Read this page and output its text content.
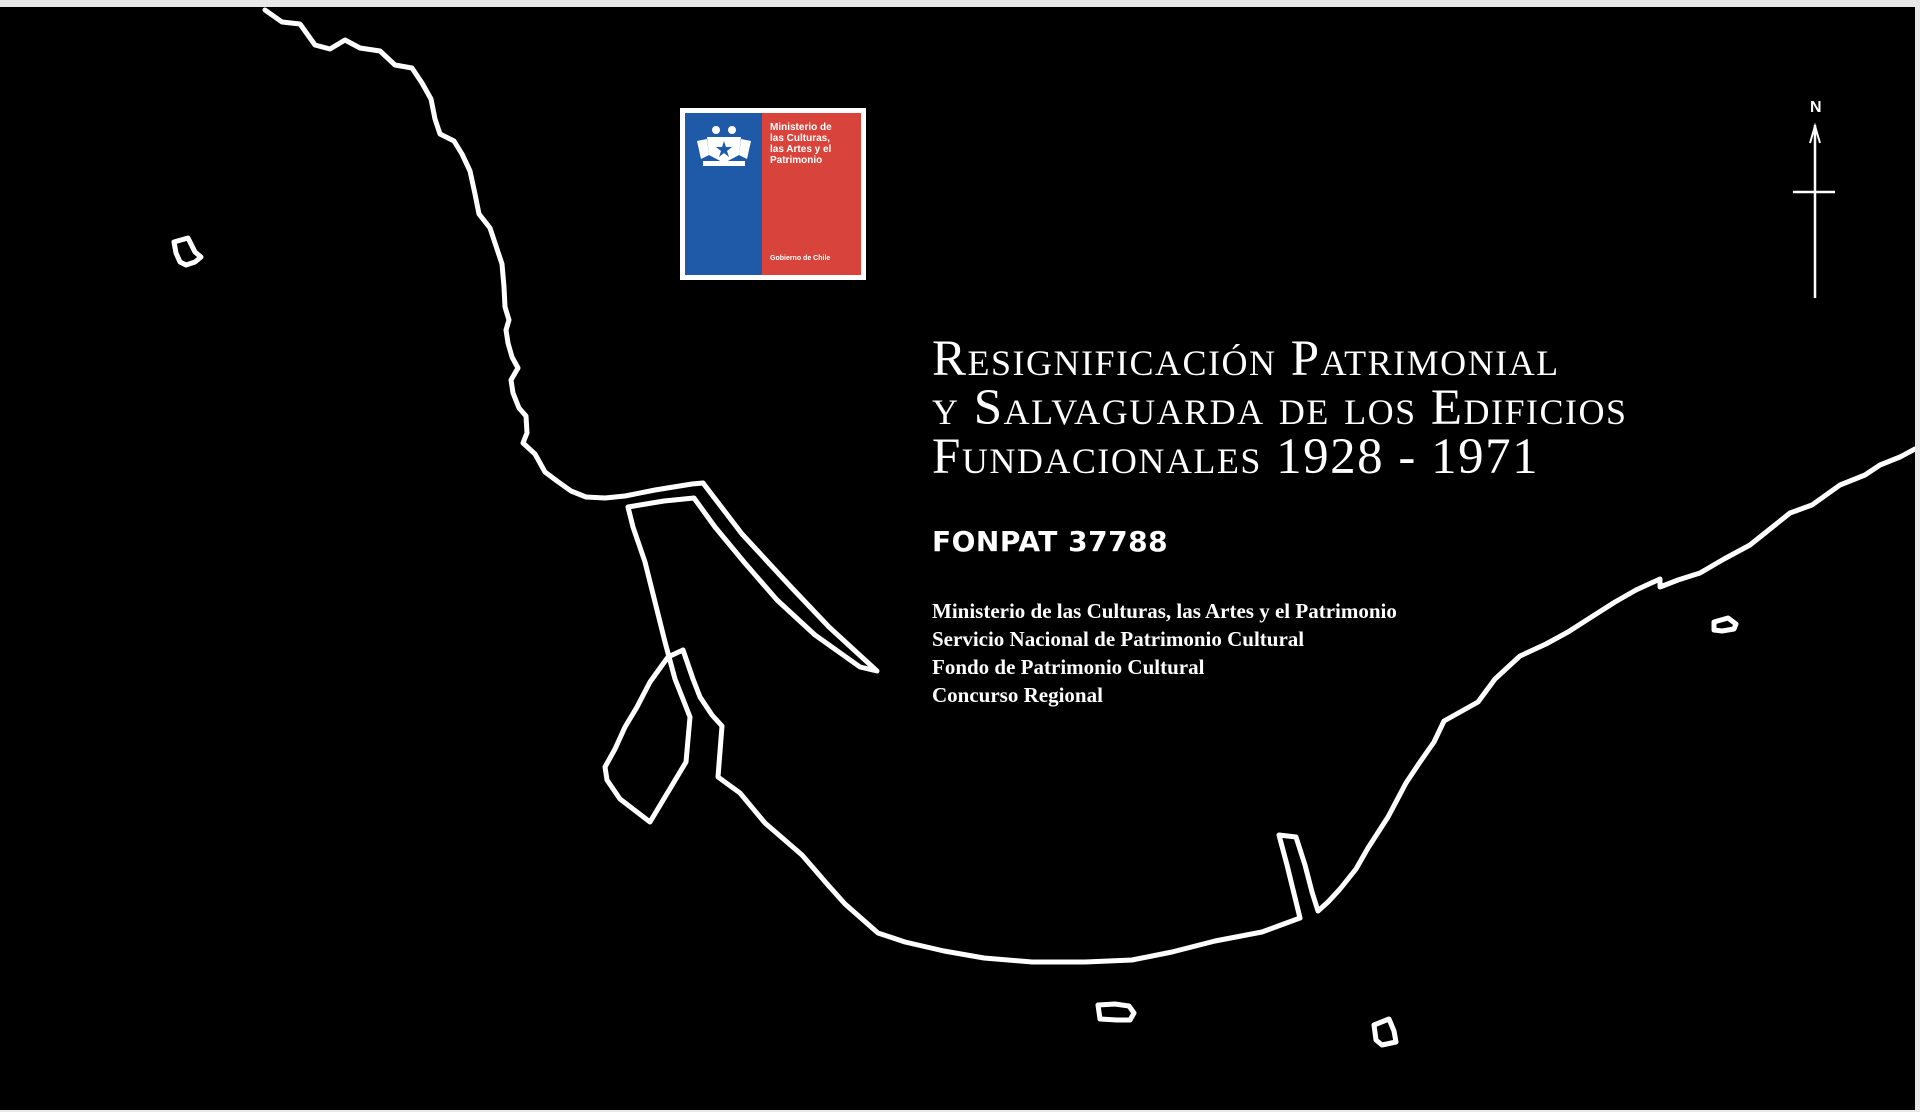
Ministerio de
las Culturas,
las Artes y el
Patrimonio
Gobierno de Chile
Resignificación Patrimonial
y Salvaguarda de los Edificios
Fundacionales 1928 - 1971
FONPAT 37788
Ministerio de las Culturas, las Artes y el Patrimonio
Servicio Nacional de Patrimonio Cultural
Fondo de Patrimonio Cultural
Concurso Regional
N
